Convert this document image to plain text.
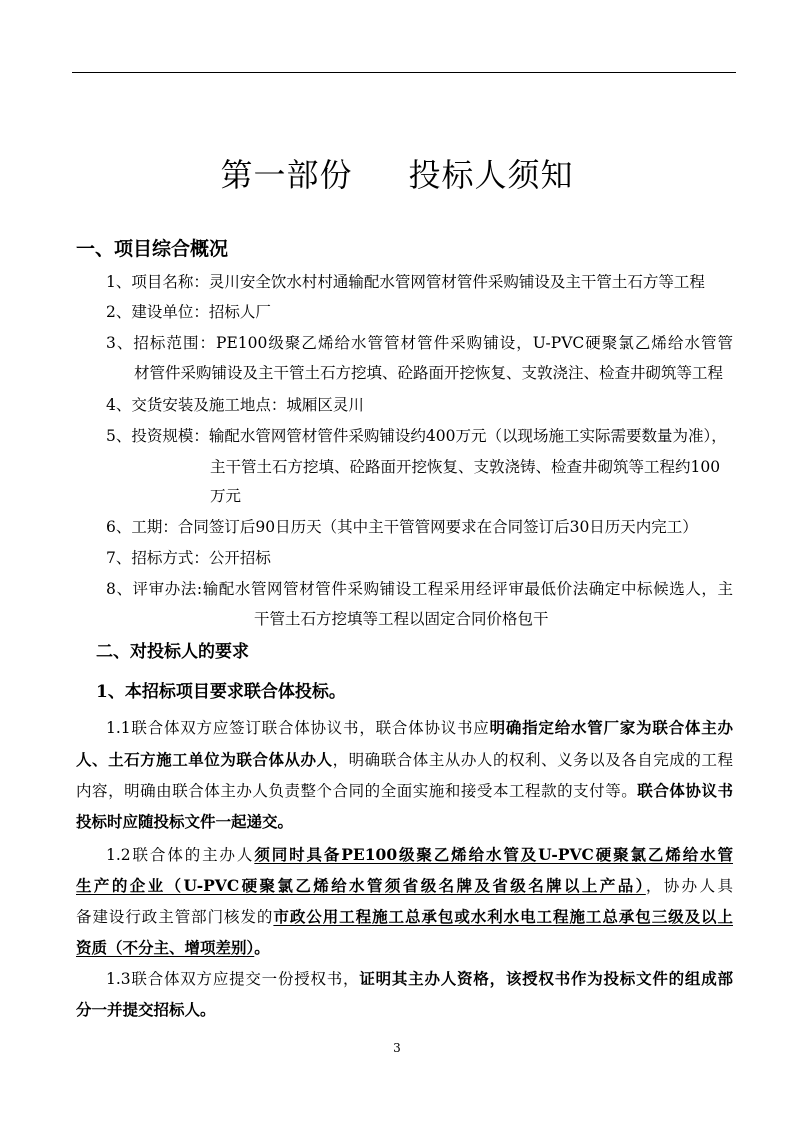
第一部份 投标人须知
一、项目综合概况
1、项目名称：灵川安全饮水村村通输配水管网管材管件采购铺设及主干管土石方等工程
2、建设单位：招标人厂
3、招标范围：PE100级聚乙烯给水管管材管件采购铺设，U-PVC硬聚氯乙烯给水管管
材管件采购铺设及主干管土石方挖填、砼路面开挖恢复、支敦浇注、检查井砌筑等工程
4、交货安装及施工地点：城厢区灵川
5、投资规模：输配水管网管材管件采购铺设约400万元（以现场施工实际需要数量为准），
主干管土石方挖填、砼路面开挖恢复、支敦浇铸、检查井砌筑等工程约100
万元
6、工期：合同签订后90日历天（其中主干管管网要求在合同签订后30日历天内完工）
7、招标方式：公开招标
8、评审办法:输配水管网管材管件采购铺设工程采用经评审最低价法确定中标候选人，主
干管土石方挖填等工程以固定合同价格包干
二、对投标人的要求
1、本招标项目要求联合体投标。
1.1联合体双方应签订联合体协议书，联合体协议书应明确指定给水管厂家为联合体主办
人、土石方施工单位为联合体从办人，明确联合体主从办人的权利、义务以及各自完成的工程
内容，明确由联合体主办人负责整个合同的全面实施和接受本工程款的支付等。联合体协议书
投标时应随投标文件一起递交。
1.2联合体的主办人须同时具备PE100级聚乙烯给水管及U-PVC硬聚氯乙烯给水管
生产的企业（U-PVC硬聚氯乙烯给水管须省级名牌及省级名牌以上产品），协办人具
备建设行政主管部门核发的市政公用工程施工总承包或水利水电工程施工总承包三级及以上
资质（不分主、增项差别）。
1.3联合体双方应提交一份授权书，证明其主办人资格，该授权书作为投标文件的组成部
分一并提交招标人。
3
